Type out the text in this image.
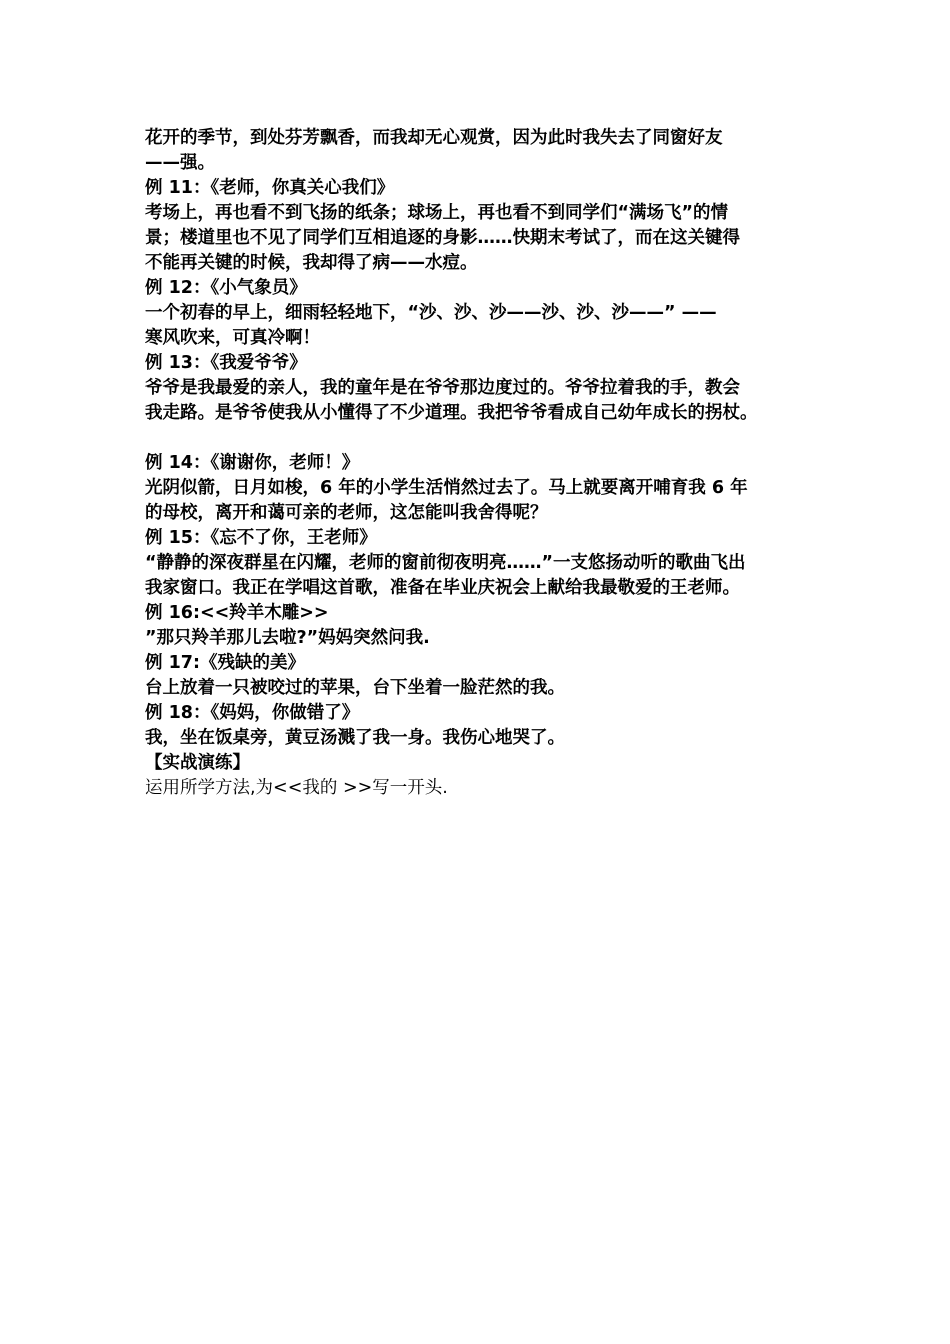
花开的季节，到处芬芳飘香，而我却无心观赏，因为此时我失去了同窗好友
——强。
例 11：《老师，你真关心我们》
考场上，再也看不到飞扬的纸条；球场上，再也看不到同学们“满场飞”的情
景；楼道里也不见了同学们互相追逐的身影……快期末考试了，而在这关键得
不能再关键的时候，我却得了病——水痘。
例 12：《小气象员》
一个初春的早上，细雨轻轻地下，“沙、沙、沙——沙、沙、沙——” ——
寒风吹来，可真冷啊！
例 13：《我爱爷爷》
爷爷是我最爱的亲人，我的童年是在爷爷那边度过的。爷爷拉着我的手，教会
我走路。是爷爷使我从小懂得了不少道理。我把爷爷看成自己幼年成长的拐杖。
例 14：《谢谢你，老师！》
光阴似箭，日月如梭，6 年的小学生活悄然过去了。马上就要离开哺育我 6 年
的母校，离开和蔼可亲的老师，这怎能叫我舍得呢？
例 15：《忘不了你，王老师》
“静静的深夜群星在闪耀，老师的窗前彻夜明亮……”一支悠扬动听的歌曲飞出
我家窗口。我正在学唱这首歌，准备在毕业庆祝会上献给我最敬爱的王老师。
例 16:<<羚羊木雕>>
”那只羚羊那儿去啦?”妈妈突然问我.
例 17:《残缺的美》
台上放着一只被咬过的苹果，台下坐着一脸茫然的我。
例 18：《妈妈，你做错了》
我，坐在饭桌旁，黄豆汤溅了我一身。我伤心地哭了。
【实战演练】
运用所学方法,为<<我的 >>写一开头.
